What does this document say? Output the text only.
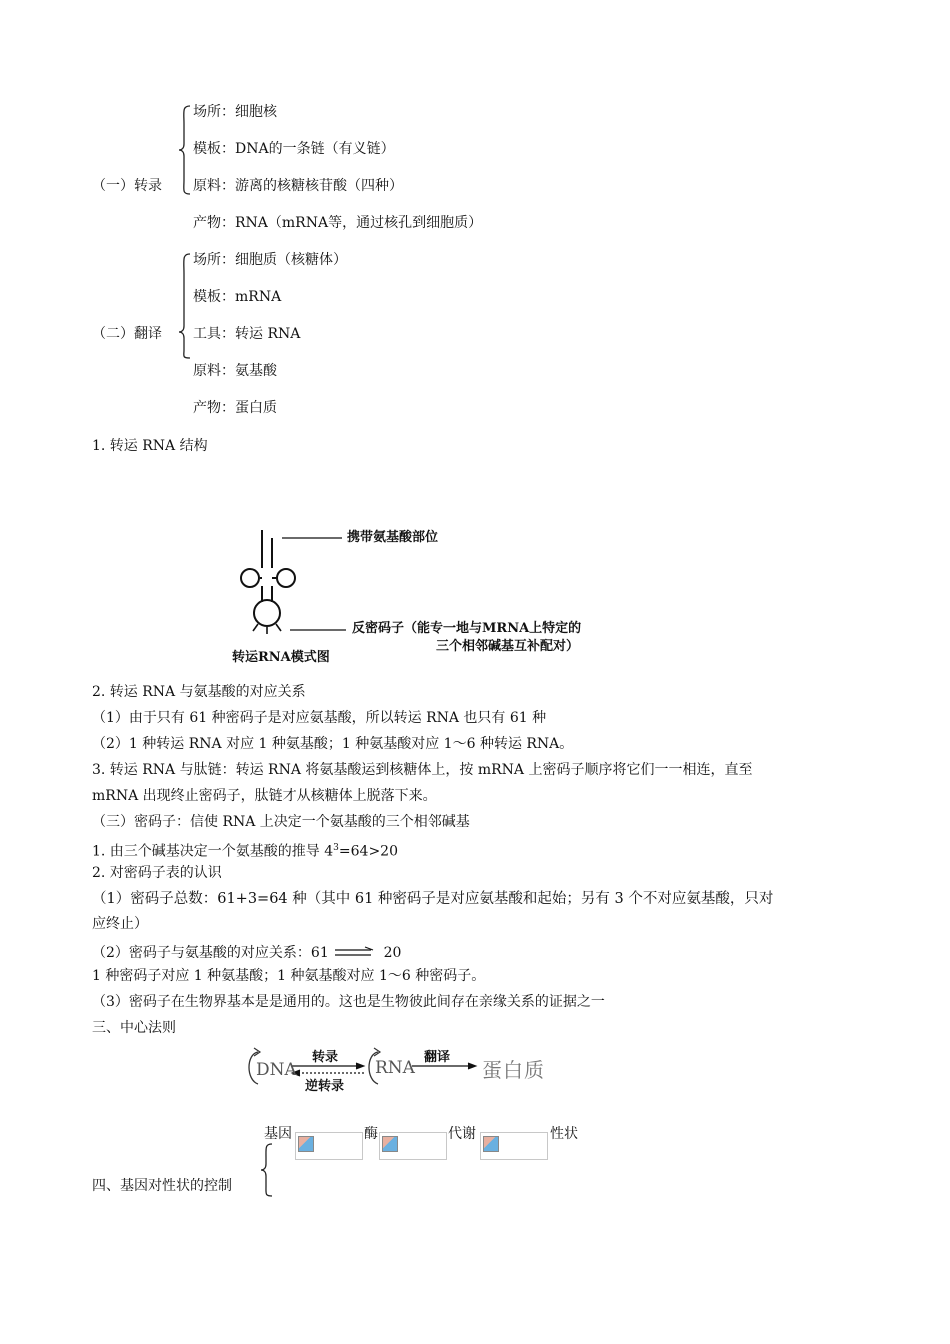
（一）转录
场所：细胞核
模板：DNA的一条链（有义链）
原料：游离的核糖核苷酸（四种）
产物：RNA（mRNA等，通过核孔到细胞质）
（二）翻译
场所：细胞质（核糖体）
模板：mRNA
工具：转运 RNA
原料：氨基酸
产物：蛋白质
1. 转运 RNA 结构
携带氨基酸部位
反密码子（能专一地与MRNA上特定的
三个相邻碱基互补配对）
转运RNA模式图
2. 转运 RNA 与氨基酸的对应关系
（1）由于只有 61 种密码子是对应氨基酸，所以转运 RNA 也只有 61 种
（2）1 种转运 RNA 对应 1 种氨基酸；1 种氨基酸对应 1～6 种转运 RNA。
3. 转运 RNA 与肽链：转运 RNA 将氨基酸运到核糖体上，按 mRNA 上密码子顺序将它们一一相连，直至
mRNA 出现终止密码子，肽链才从核糖体上脱落下来。
（三）密码子：信使 RNA 上决定一个氨基酸的三个相邻碱基
1. 由三个碱基决定一个氨基酸的推导 $4^3=64>20$
2. 对密码子表的认识
（1）密码子总数：61+3=64 种（其中 61 种密码子是对应氨基酸和起始；另有 3 个不对应氨基酸，只对
应终止）
（2）密码子与氨基酸的对应关系：61	20
1 种密码子对应 1 种氨基酸；1 种氨基酸对应 1～6 种密码子。
（3）密码子在生物界基本是是通用的。这也是生物彼此间存在亲缘关系的证据之一
三、中心法则
DNA
转录
逆转录
RNA
翻译
蛋白质
基因	酶	代谢	性状
四、基因对性状的控制
